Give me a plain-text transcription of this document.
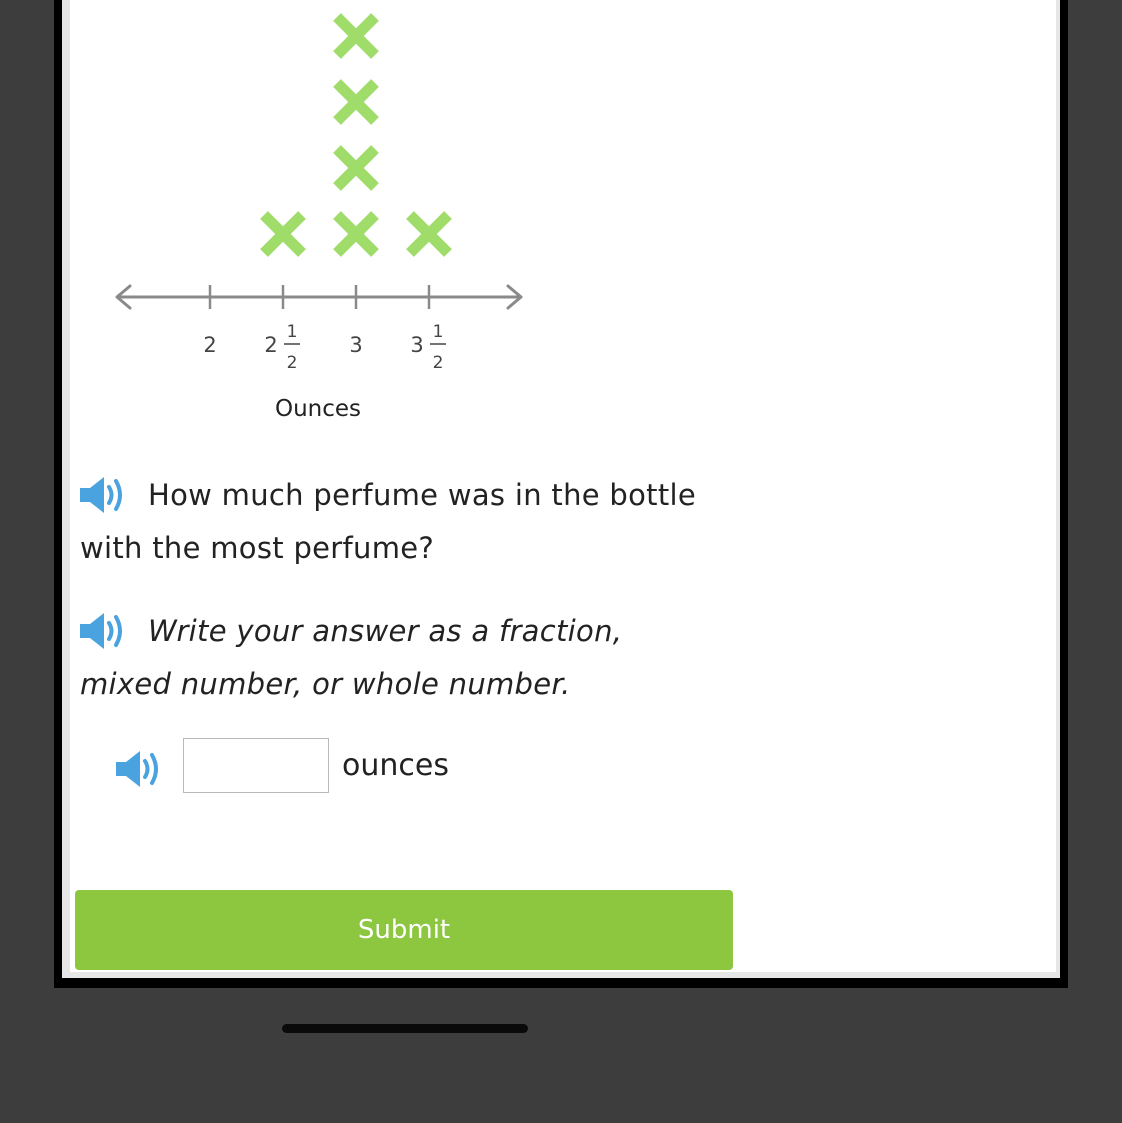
2 2
1
2
3 3
1
2
Ounces
How much perfume was in the bottle
with the most perfume?
Write your answer as a fraction,
mixed number, or whole number.
ounces
Submit
